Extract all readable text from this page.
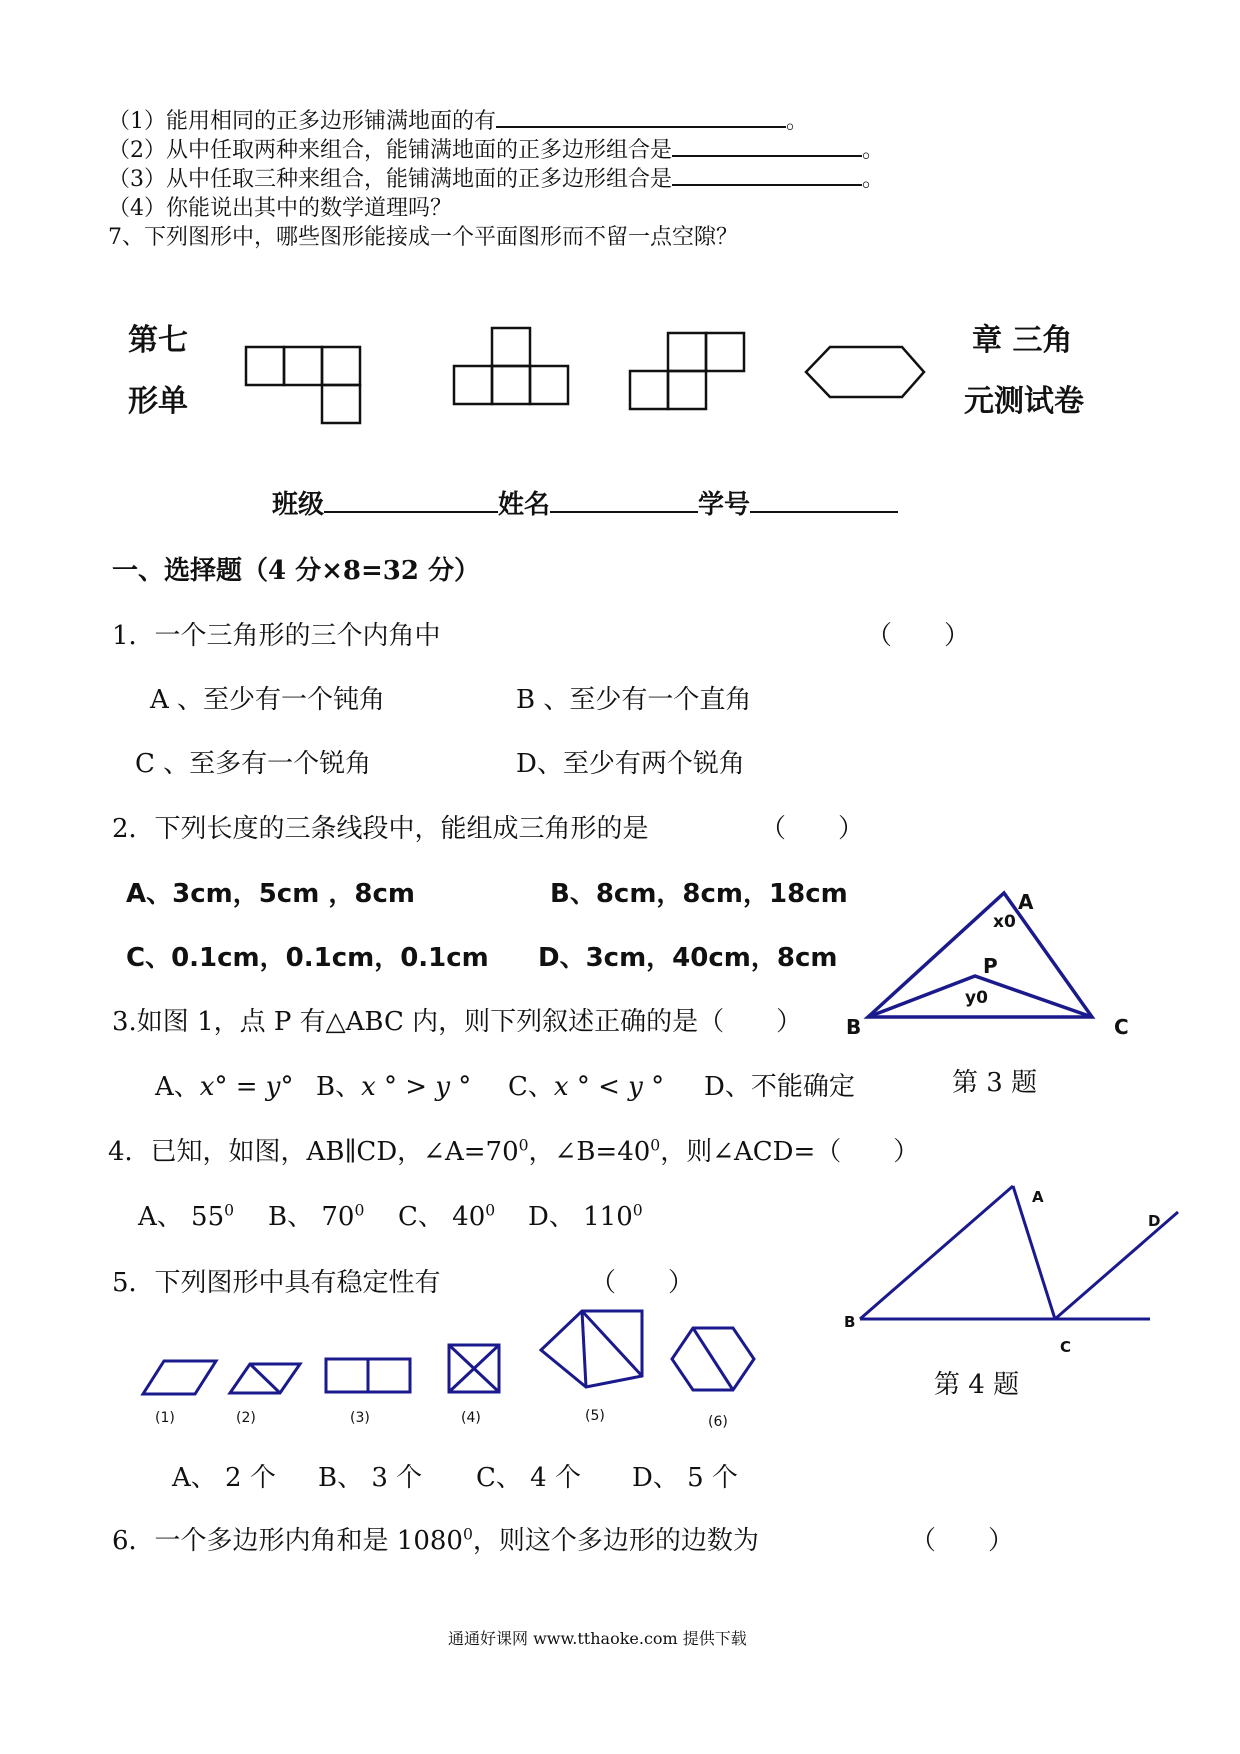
（1）能用相同的正多边形铺满地面的有	。
（2）从中任取两种来组合，能铺满地面的正多边形组合是	。
（3）从中任取三种来组合，能铺满地面的正多边形组合是	。
（4）你能说出其中的数学道理吗？
7、下列图形中，哪些图形能接成一个平面图形而不留一点空隙？
第七	章 三角
形单	元测试卷
班级	姓名	学号
一、选择题（4 分×8=32 分）
1．一个三角形的三个内角中	（　　）
A 、至少有一个钝角	B 、至少有一个直角
C 、至多有一个锐角	D、至少有两个锐角
2．下列长度的三条线段中，能组成三角形的是	（　　）
A、3cm，5cm ，8cm	B、8cm，8cm，18cm
C、0.1cm，0.1cm，0.1cm D、3cm，40cm，8cm
3.如图 1，点 P 有△ABC 内，则下列叙述正确的是（　　）
A、x° = y° B、x ° > y ° C、x ° < y ° D、不能确定	第 3 题
A
x0
P
y0
B	C
4．已知，如图，AB∥CD，$\angle A=70^0$，$\angle B=40^0$，则∠ACD=（　　）
A、 $55^0$ B、 $70^0$ C、 $40^0$ D、 $110^0$
A
D
B
C
第 4 题
5．下列图形中具有稳定性有	（　　）
(1)	(2)	(3)	(4)	(5)	(6)
A、 2 个 B、 3 个 C、 4 个 D、 5 个
6．一个多边形内角和是 1080$^0$，则这个多边形的边数为	（　　）
通通好课网 www.tthaoke.com 提供下载
